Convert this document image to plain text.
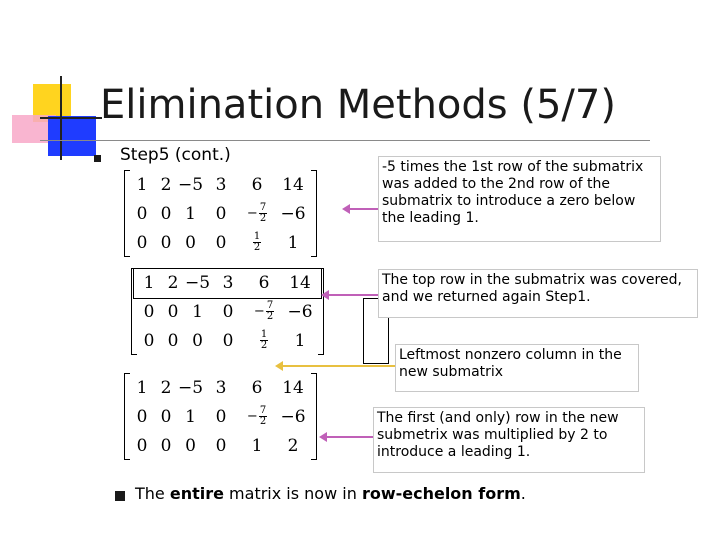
Elimination Methods (5/7)
Step5 (cont.)
1	2	−5	3	6	14
0	0	1	0	− $\frac{7}{2}$	−6
0	0	0	0	$\frac{1}{2}$	1
1	2	−5	3	6	14
0	0	1	0	− $\frac{7}{2}$	−6
0	0	0	0	$\frac{1}{2}$	1
1	2	−5	3	6	14
0	0	1	0	− $\frac{7}{2}$	−6
0	0	0	0	1	2
-5 times the 1st row of the submatrix was added to the 2nd row of the submatrix to introduce a zero below the leading 1.
The top row in the submatrix was covered, and we returned again Step1.
Leftmost nonzero column in the new submatrix
The first (and only) row in the new submetrix was multiplied by 2 to introduce a leading 1.
The entire matrix is now in row-echelon form.
